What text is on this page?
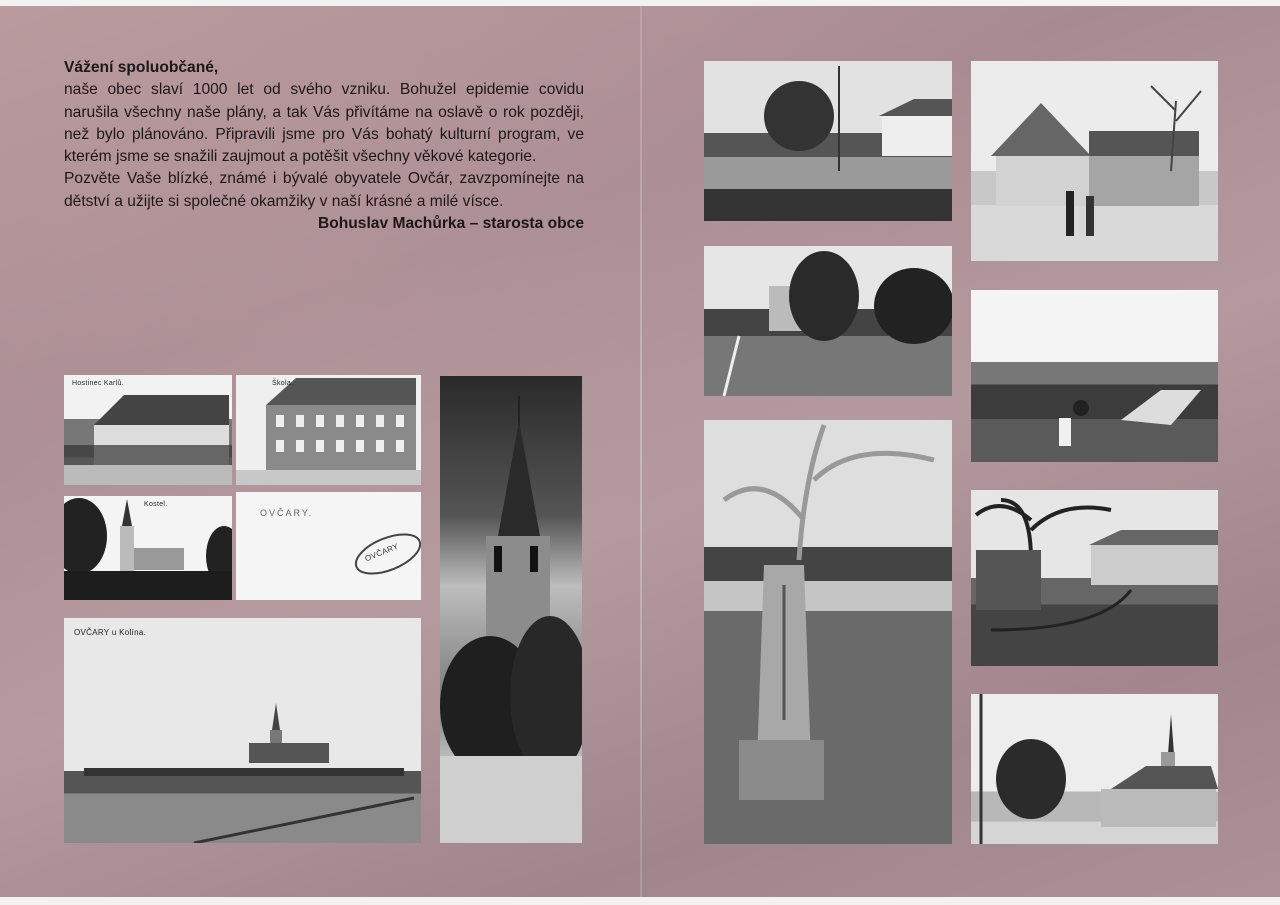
Vážení spoluobčané,

naše obec slaví 1000 let od svého vzniku. Bohužel epidemie covidu narušila všechny naše plány, a tak Vás přivítáme na oslavě o rok později, než bylo plánováno. Připravili jsme pro Vás bohatý kulturní program, ve kterém jsme se snažili zaujmout a potěšit všechny věkové kategorie.

Pozvěte Vaše blízké, známé i bývalé obyvatele Ovčár, zavzpomínejte na dětství a užijte si společné okamžiky v naší krásné a milé vísce.

Bohuslav Machůrka – starosta obce
Hostinec Karlů.	Škola.
Kostel.
OVČARY.
OVČARY
OVČARY u Kolína.
